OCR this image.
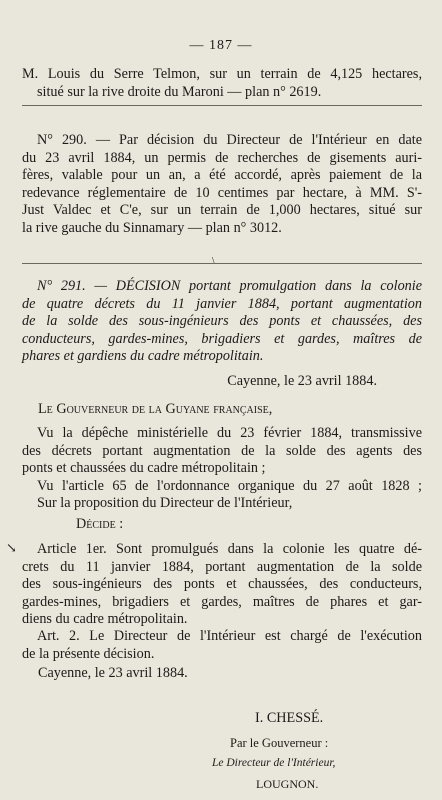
— 187 —
M. Louis du Serre Telmon, sur un terrain de 4,125 hectares,
situé sur la rive droite du Maroni — plan n° 2619.
N° 290. — Par décision du Directeur de l'Intérieur en date
du 23 avril 1884, un permis de recherches de gisements auri-
fères, valable pour un an, a été accordé, après paiement de la
redevance réglementaire de 10 centimes par hectare, à MM. S'-
Just Valdec et C'e, sur un terrain de 1,000 hectares, situé sur
la rive gauche du Sinnamary — plan n° 3012.
\
N° 291. — DÉCISION portant promulgation dans la colonie
de quatre décrets du 11 janvier 1884, portant augmentation
de la solde des sous-ingénieurs des ponts et chaussées, des
conducteurs, gardes-mines, brigadiers et gardes, maîtres de
phares et gardiens du cadre métropolitain.
Cayenne, le 23 avril 1884.
Le Gouverneur de la Guyane française,
Vu la dépêche ministérielle du 23 février 1884, transmissive
des décrets portant augmentation de la solde des agents des
ponts et chaussées du cadre métropolitain ;
Vu l'article 65 de l'ordonnance organique du 27 août 1828 ;
Sur la proposition du Directeur de l'Intérieur,
Décide :
↘	Article 1er. Sont promulgués dans la colonie les quatre dé-
crets du 11 janvier 1884, portant augmentation de la solde
des sous-ingénieurs des ponts et chaussées, des conducteurs,
gardes-mines, brigadiers et gardes, maîtres de phares et gar-
diens du cadre métropolitain.
Art. 2. Le Directeur de l'Intérieur est chargé de l'exécution
de la présente décision.
Cayenne, le 23 avril 1884.
I. CHESSÉ.
Par le Gouverneur :
Le Directeur de l'Intérieur,
LOUGNON.
